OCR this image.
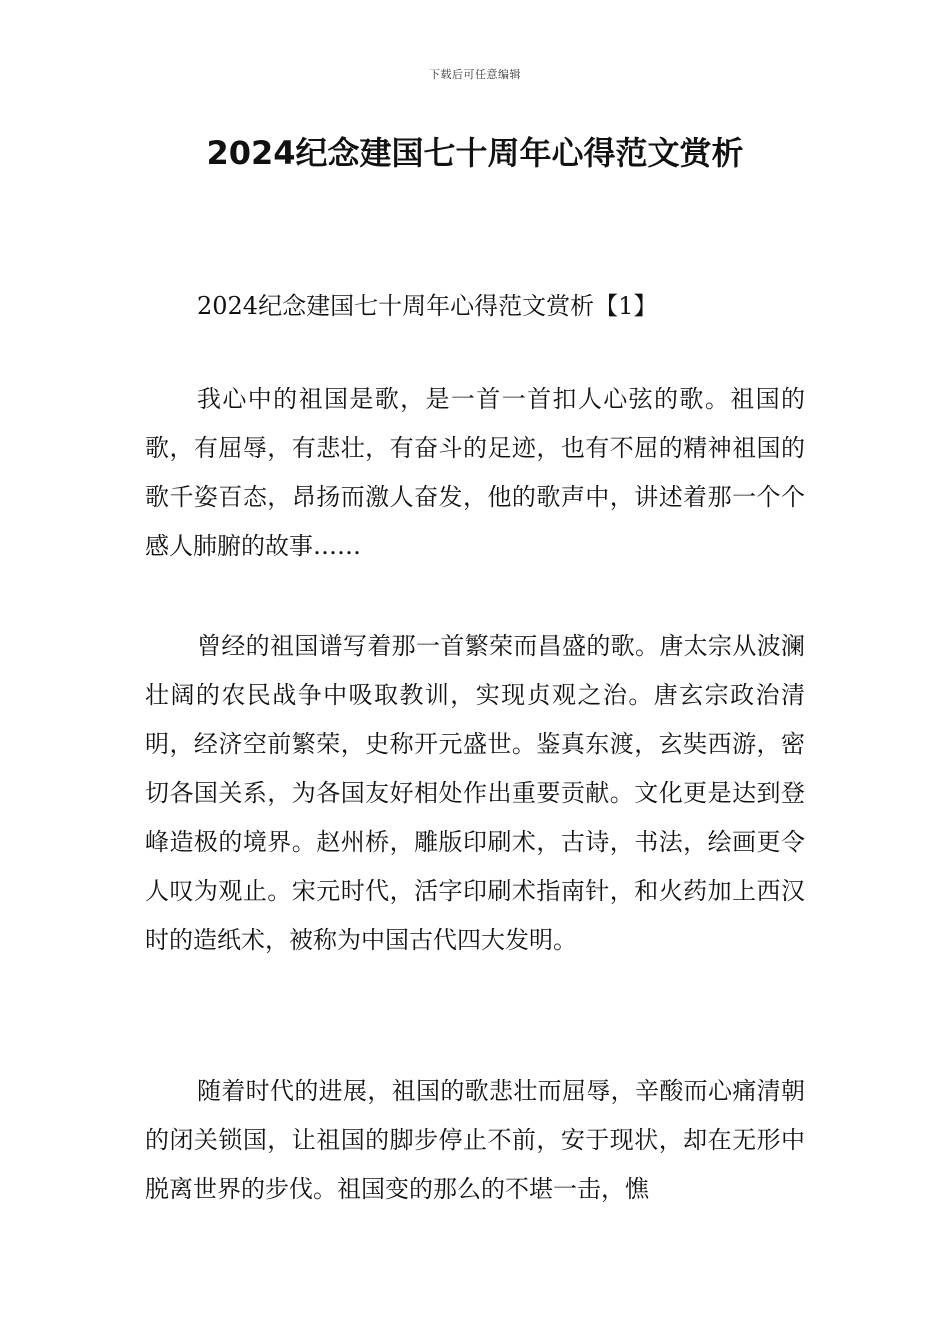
下载后可任意编辑
2024纪念建国七十周年心得范文赏析

2024纪念建国七十周年心得范文赏析【1】

我心中的祖国是歌，是一首一首扣人心弦的歌。祖国的歌，有屈辱，有悲壮，有奋斗的足迹，也有不屈的精神祖国的歌千姿百态，昂扬而激人奋发，他的歌声中，讲述着那一个个感人肺腑的故事……

曾经的祖国谱写着那一首繁荣而昌盛的歌。唐太宗从波澜壮阔的农民战争中吸取教训，实现贞观之治。唐玄宗政治清明，经济空前繁荣，史称开元盛世。鉴真东渡，玄奘西游，密切各国关系，为各国友好相处作出重要贡献。文化更是达到登峰造极的境界。赵州桥，雕版印刷术，古诗，书法，绘画更令人叹为观止。宋元时代，活字印刷术指南针，和火药加上西汉时的造纸术，被称为中国古代四大发明。

随着时代的进展，祖国的歌悲壮而屈辱，辛酸而心痛清朝的闭关锁国，让祖国的脚步停止不前，安于现状，却在无形中脱离世界的步伐。祖国变的那么的不堪一击，憔
